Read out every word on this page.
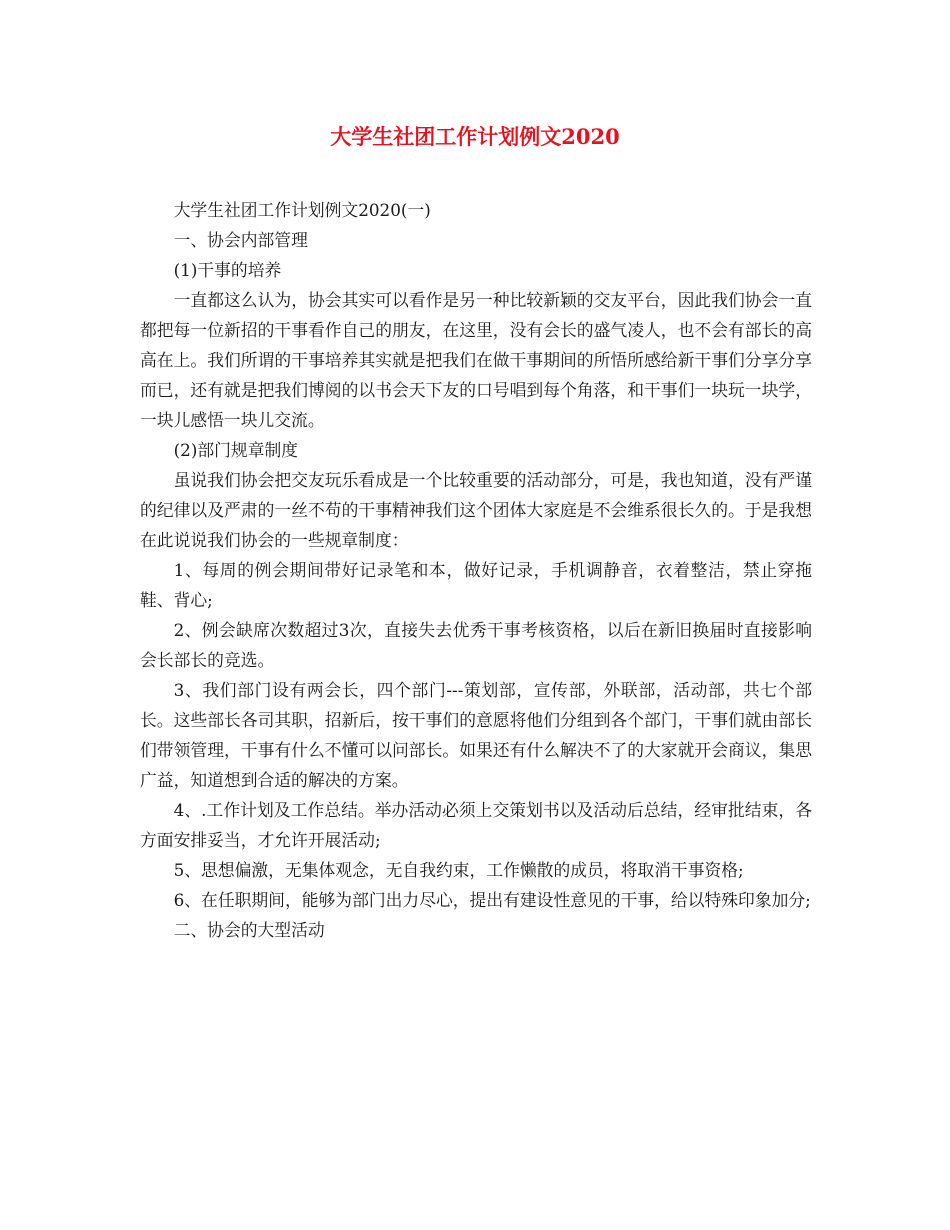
大学生社团工作计划例文2020

大学生社团工作计划例文2020(一)

一、协会内部管理

(1)干事的培养

一直都这么认为，协会其实可以看作是另一种比较新颖的交友平台，因此我们协会一直都把每一位新招的干事看作自己的朋友，在这里，没有会长的盛气凌人，也不会有部长的高高在上。我们所谓的干事培养其实就是把我们在做干事期间的所悟所感给新干事们分享分享而已，还有就是把我们博阅的以书会天下友的口号唱到每个角落，和干事们一块玩一块学，一块儿感悟一块儿交流。

(2)部门规章制度

虽说我们协会把交友玩乐看成是一个比较重要的活动部分，可是，我也知道，没有严谨的纪律以及严肃的一丝不苟的干事精神我们这个团体大家庭是不会维系很长久的。于是我想在此说说我们协会的一些规章制度：

1、每周的例会期间带好记录笔和本，做好记录，手机调静音，衣着整洁，禁止穿拖鞋、背心;

2、例会缺席次数超过3次，直接失去优秀干事考核资格，以后在新旧换届时直接影响会长部长的竞选。

3、我们部门设有两会长，四个部门---策划部，宣传部，外联部，活动部，共七个部长。这些部长各司其职，招新后，按干事们的意愿将他们分组到各个部门，干事们就由部长们带领管理，干事有什么不懂可以问部长。如果还有什么解决不了的大家就开会商议，集思广益，知道想到合适的解决的方案。

4、.工作计划及工作总结。举办活动必须上交策划书以及活动后总结，经审批结束，各方面安排妥当，才允许开展活动;

5、思想偏激，无集体观念，无自我约束，工作懒散的成员，将取消干事资格;

6、在任职期间，能够为部门出力尽心，提出有建设性意见的干事，给以特殊印象加分;

二、协会的大型活动
